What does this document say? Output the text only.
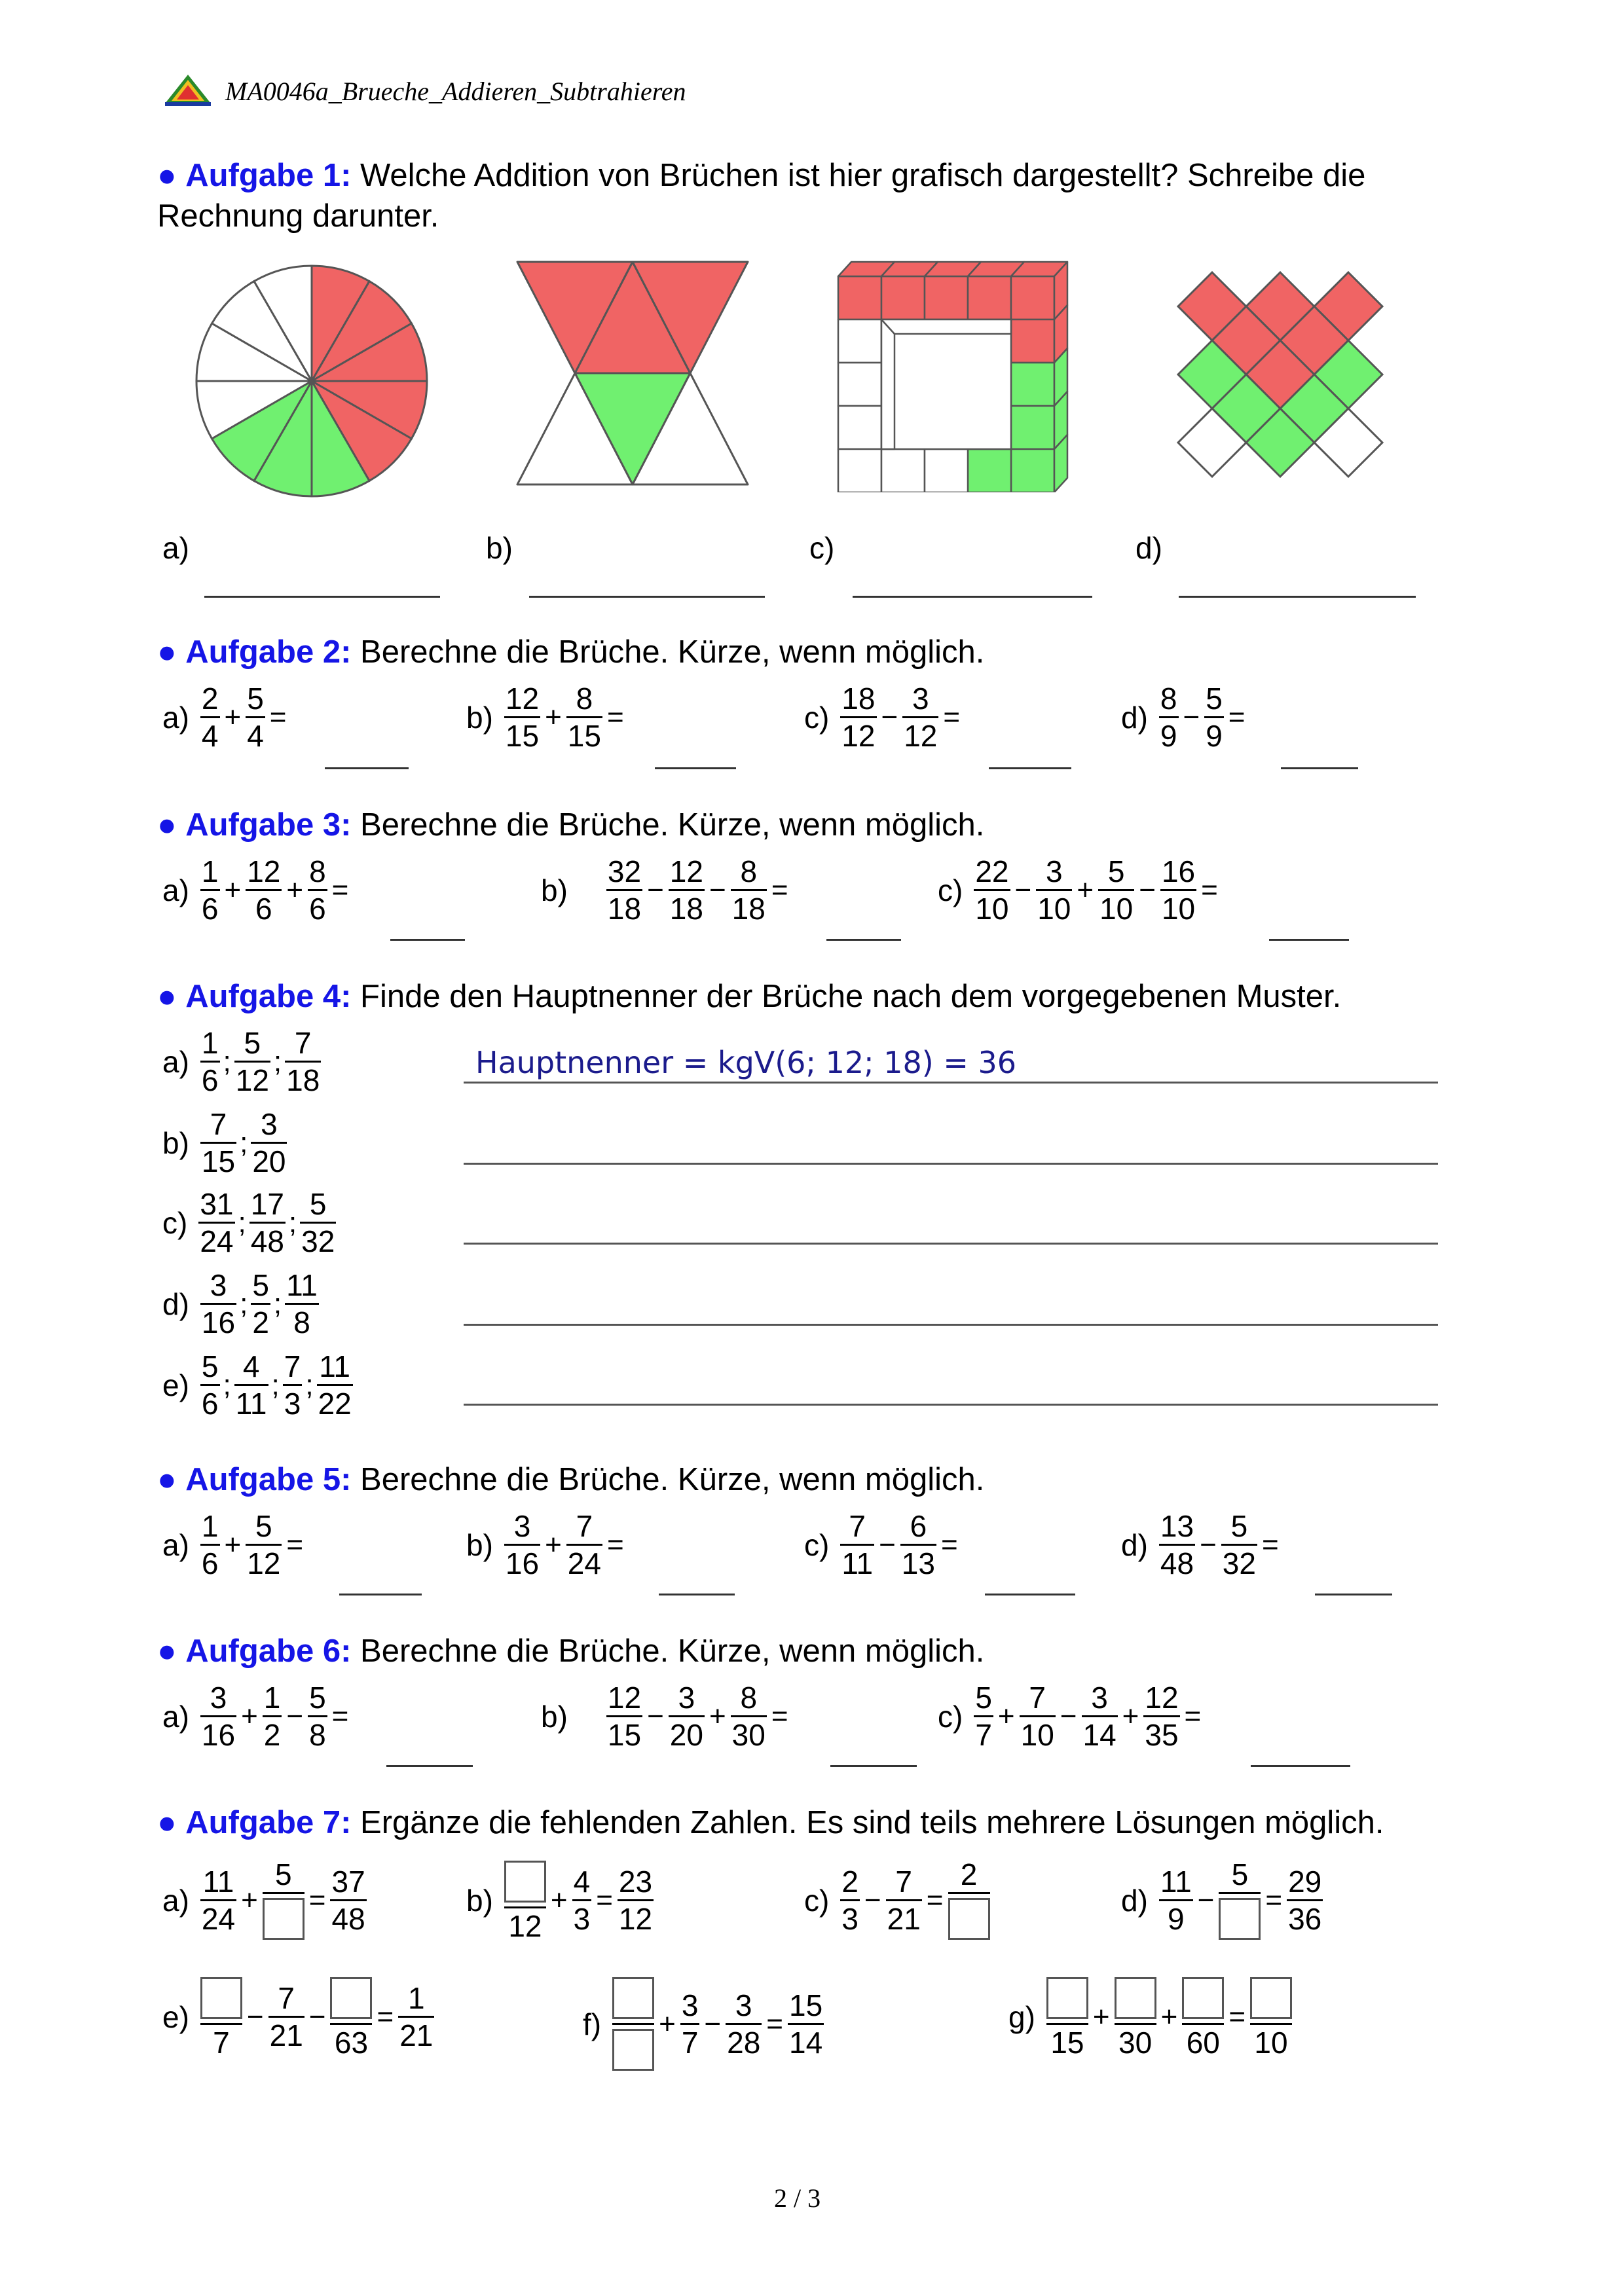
MA0046a_Brueche_Addieren_Subtrahieren
● Aufgabe 1: Welche Addition von Brüchen ist hier grafisch dargestellt? Schreibe die
Rechnung darunter.
a)	b)	c)	d)
● Aufgabe 2: Berechne die Brüche. Kürze, wenn möglich.
a)
2
4
+
5
4
=	b)
12
15
+
8
15
=	c)
18
12
−
3
12
=	d)
8
9
−
5
9
=
● Aufgabe 3: Berechne die Brüche. Kürze, wenn möglich.
a)
1
6
+
12
6
+
8
6
=	b)
32
18
−
12
18
−
8
18
=	c)
22
10
−
3
10
+
5
10
−
16
10
=
● Aufgabe 4: Finde den Hauptnenner der Brüche nach dem vorgegebenen Muster.
a)
1
6
;
5
12
;
7
18
b)
7
15
;
3
20
c)
31
24
;
17
48
;
5
32
d)
3
16
;
5
2
;
11
8
e)
5
6
;
4
11
;
7
3
;
11
22
Hauptnenner = kgV(6; 12; 18) = 36
● Aufgabe 5: Berechne die Brüche. Kürze, wenn möglich.
a)
1
6
+
5
12
=	b)
3
16
+
7
24
=	c)
7
11
−
6
13
=	d)
13
48
−
5
32
=
● Aufgabe 6: Berechne die Brüche. Kürze, wenn möglich.
a)
3
16
+
1
2
−
5
8
=	b)
12
15
−
3
20
+
8
30
=	c)
5
7
+
7
10
−
3
14
+
12
35
=
● Aufgabe 7: Ergänze die fehlenden Zahlen. Es sind teils mehrere Lösungen möglich.
a)
11
24
+
5
=
37
48
b)
12
+
4
3
=
23
12
c)
2
3
−
7
21
=
2
d)
11
9
−
5
=
29
36
e)
7
−
7
21
−
63
=
1
21	f) +
3
7
−
3
28
=
15
14
g)
15
+
30
+
60
=
10
2 / 3
